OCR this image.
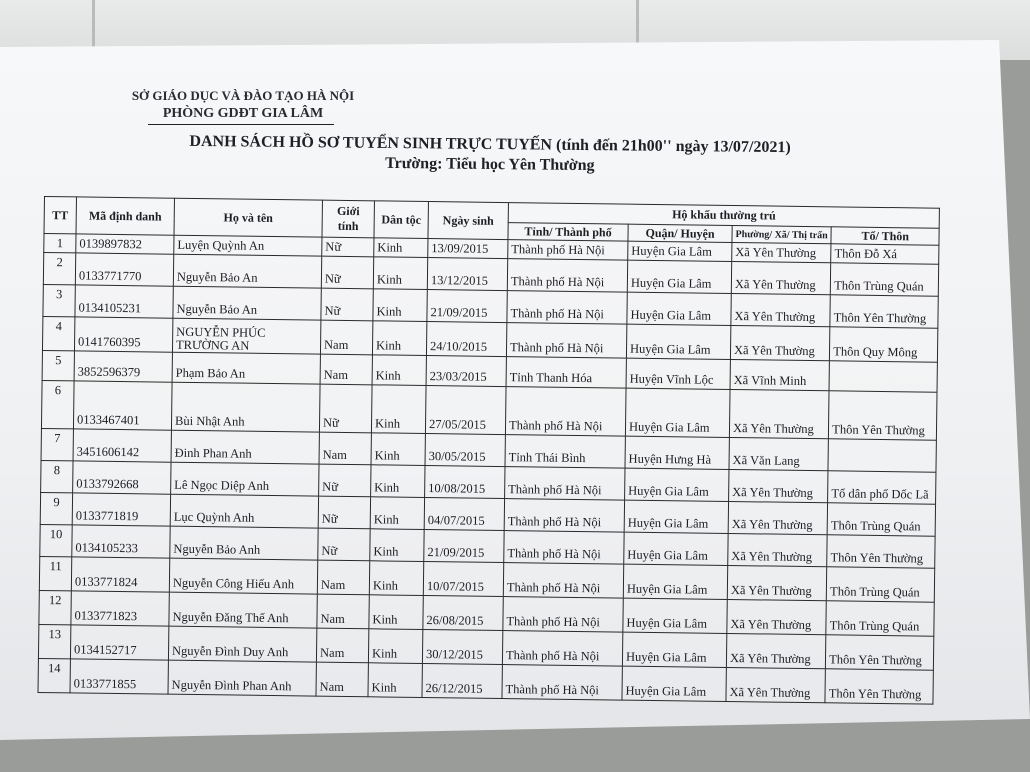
SỞ GIÁO DỤC VÀ ĐÀO TẠO HÀ NỘI
PHÒNG GDĐT GIA LÂM
DANH SÁCH HỒ SƠ TUYỂN SINH TRỰC TUYẾN (tính đến 21h00'' ngày 13/07/2021)
Trường: Tiểu học Yên Thường
TT	Mã định danh	Họ và tên	Giới tính	Dân tộc	Ngày sinh	Hộ khẩu thường trú			
						Tỉnh/ Thành phố	Quận/ Huyện	Phường/ Xã/ Thị trấn	Tổ/ Thôn
1	0139897832	Luyện Quỳnh An	Nữ	Kinh	13/09/2015	Thành phố Hà Nội	Huyện Gia Lâm	Xã Yên Thường	Thôn Đỗ Xá
2	0133771770	Nguyễn Bảo An	Nữ	Kinh	13/12/2015	Thành phố Hà Nội	Huyện Gia Lâm	Xã Yên Thường	Thôn Trùng Quán
3	0134105231	Nguyễn Bảo An	Nữ	Kinh	21/09/2015	Thành phố Hà Nội	Huyện Gia Lâm	Xã Yên Thường	Thôn Yên Thường
4	0141760395	NGUYỄN PHÚC TRƯỜNG AN	Nam	Kinh	24/10/2015	Thành phố Hà Nội	Huyện Gia Lâm	Xã Yên Thường	Thôn Quy Mông
5	3852596379	Phạm Bảo An	Nam	Kinh	23/03/2015	Tỉnh Thanh Hóa	Huyện Vĩnh Lộc	Xã Vĩnh Minh	
6	0133467401	Bùi Nhật Anh	Nữ	Kinh	27/05/2015	Thành phố Hà Nội	Huyện Gia Lâm	Xã Yên Thường	Thôn Yên Thường
7	3451606142	Đinh Phan Anh	Nam	Kinh	30/05/2015	Tỉnh Thái Bình	Huyện Hưng Hà	Xã Văn Lang	
8	0133792668	Lê Ngọc Diệp Anh	Nữ	Kinh	10/08/2015	Thành phố Hà Nội	Huyện Gia Lâm	Xã Yên Thường	Tổ dân phố Dốc Lã
9	0133771819	Lục Quỳnh Anh	Nữ	Kinh	04/07/2015	Thành phố Hà Nội	Huyện Gia Lâm	Xã Yên Thường	Thôn Trùng Quán
10	0134105233	Nguyễn Bảo Anh	Nữ	Kinh	21/09/2015	Thành phố Hà Nội	Huyện Gia Lâm	Xã Yên Thường	Thôn Yên Thường
11	0133771824	Nguyễn Công Hiếu Anh	Nam	Kinh	10/07/2015	Thành phố Hà Nội	Huyện Gia Lâm	Xã Yên Thường	Thôn Trùng Quán
12	0133771823	Nguyễn Đăng Thế Anh	Nam	Kinh	26/08/2015	Thành phố Hà Nội	Huyện Gia Lâm	Xã Yên Thường	Thôn Trùng Quán
13	0134152717	Nguyễn Đình Duy Anh	Nam	Kinh	30/12/2015	Thành phố Hà Nội	Huyện Gia Lâm	Xã Yên Thường	Thôn Yên Thường
14	0133771855	Nguyễn Đình Phan Anh	Nam	Kinh	26/12/2015	Thành phố Hà Nội	Huyện Gia Lâm	Xã Yên Thường	Thôn Yên Thường
